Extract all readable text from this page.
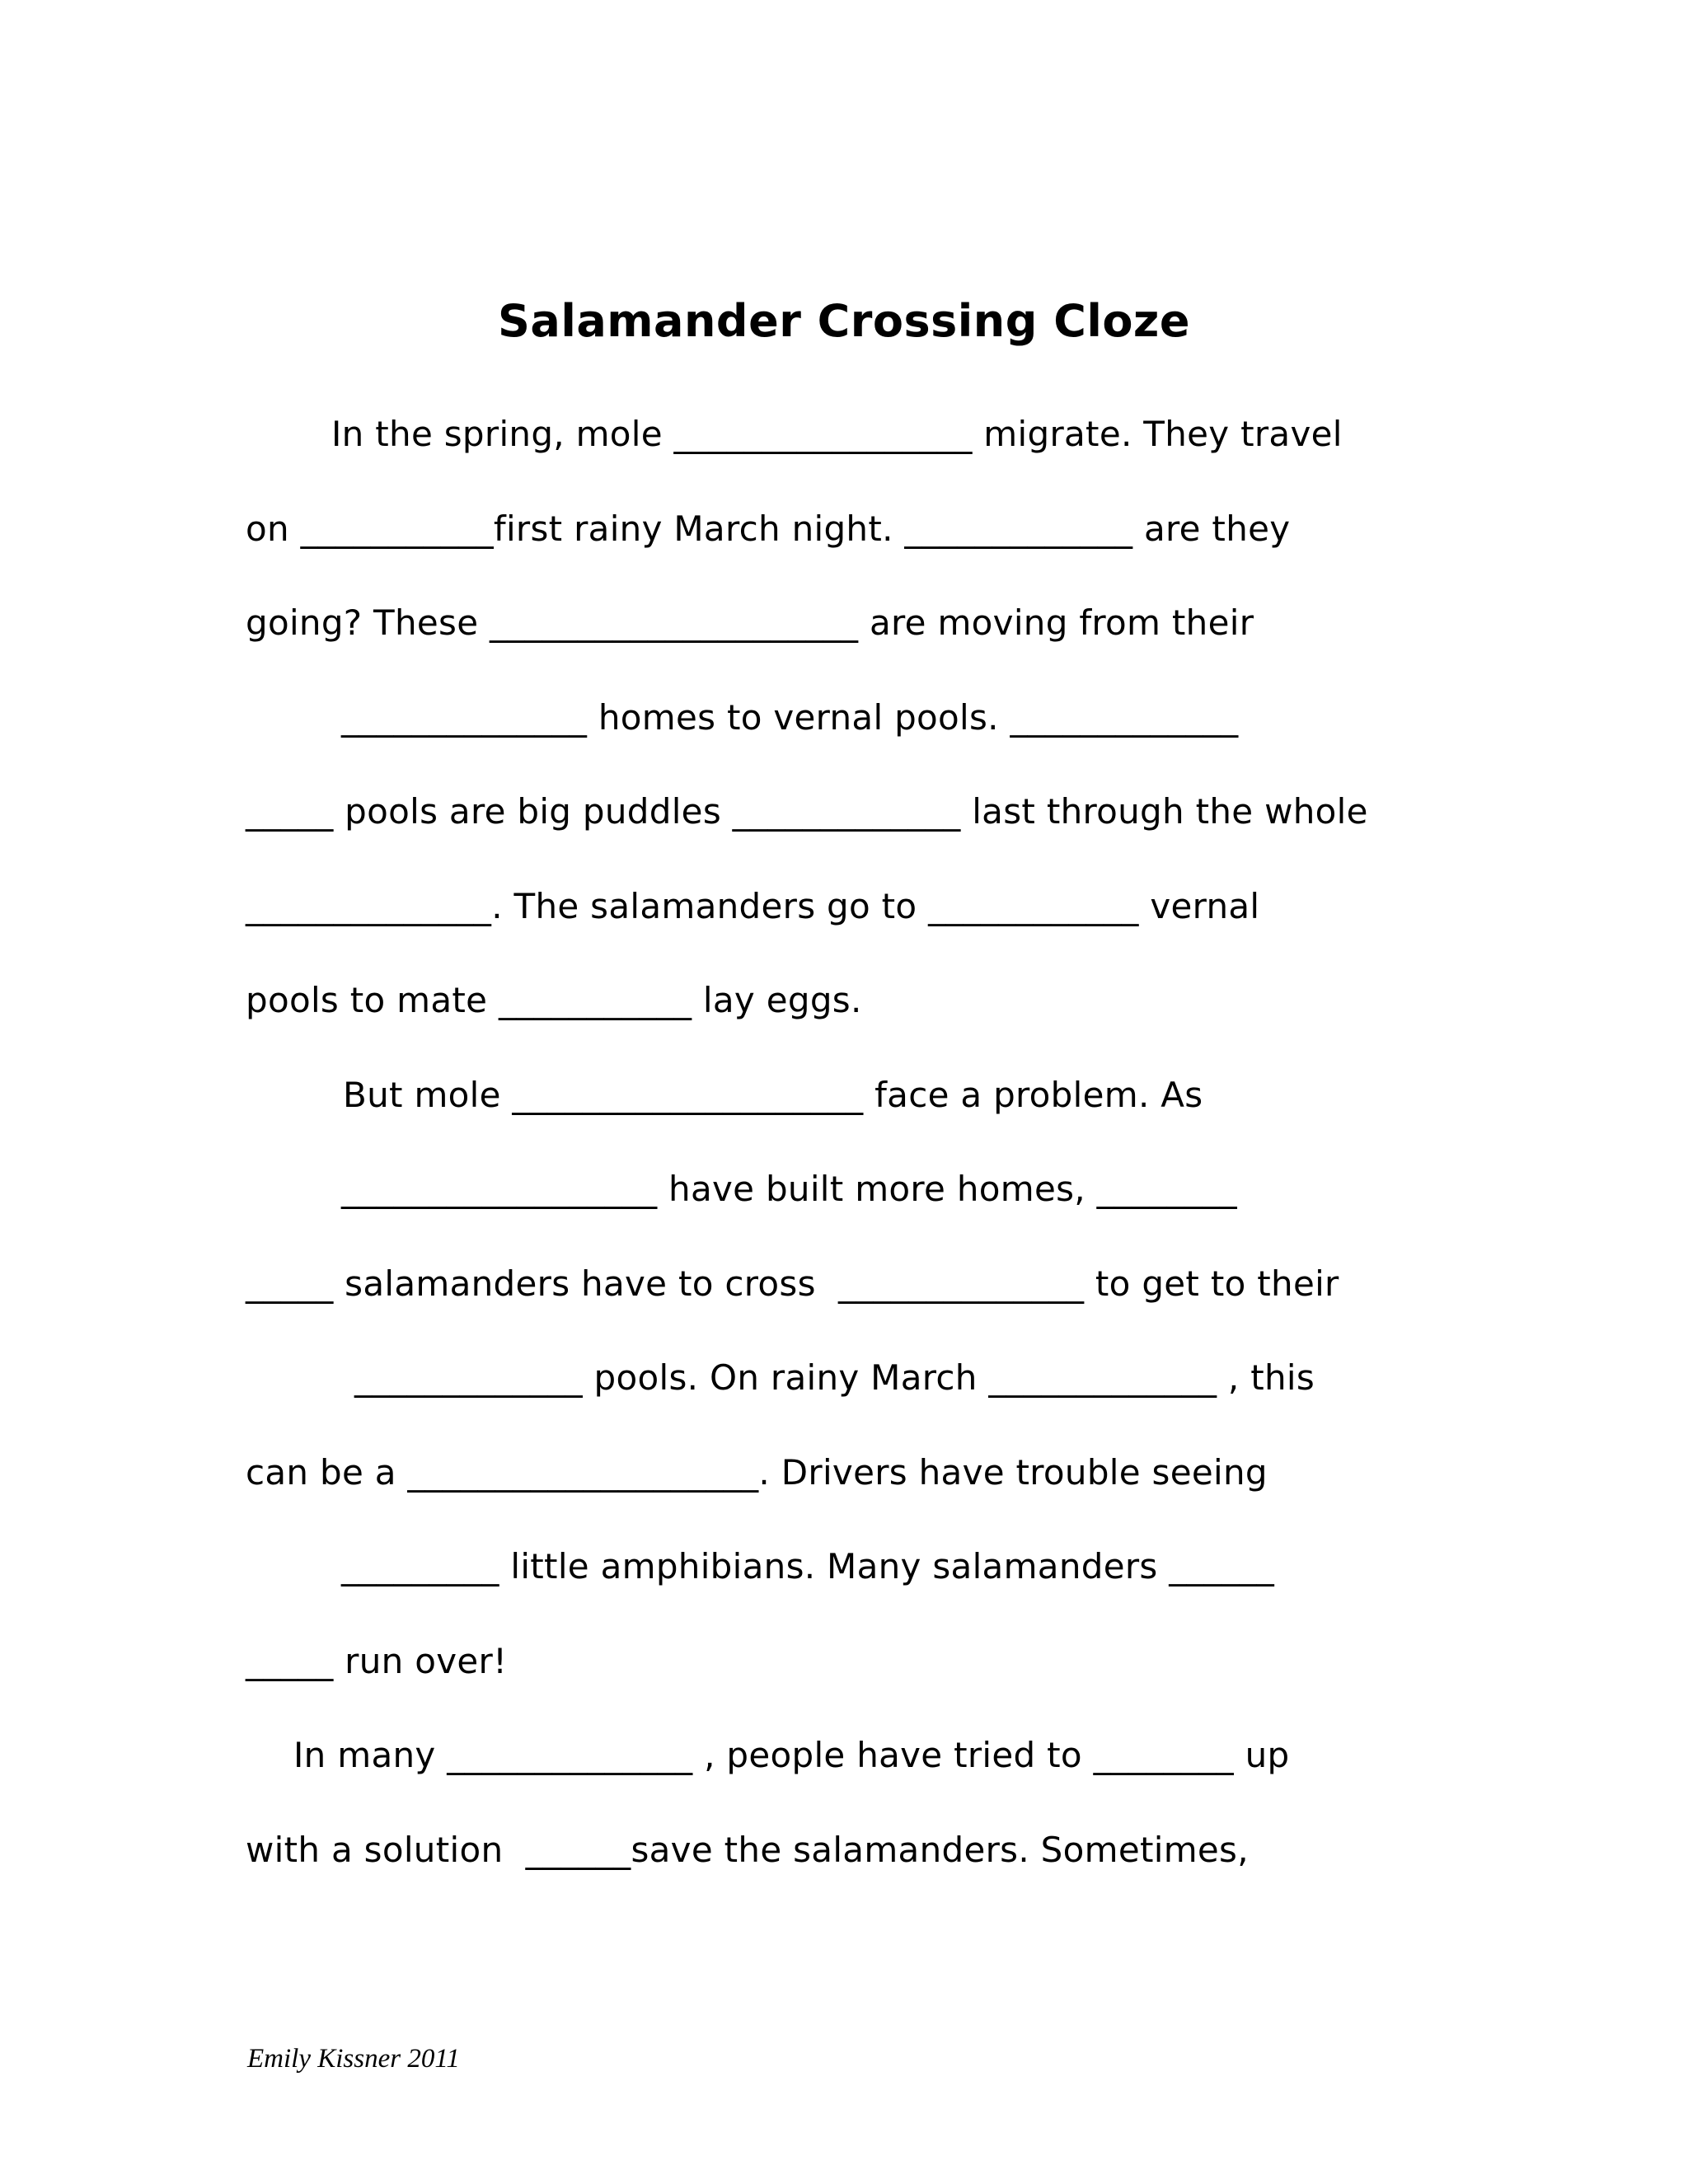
Salamander Crossing Cloze
In the spring, mole _________________ migrate. They travel
on ___________first rainy March night. _____________ are they
going? These _____________________ are moving from their
______________ homes to vernal pools. _____________
_____ pools are big puddles _____________ last through the whole
______________. The salamanders go to ____________ vernal
pools to mate ___________ lay eggs.
But mole ____________________ face a problem. As
__________________ have built more homes, ________
_____ salamanders have to cross  ______________ to get to their
_____________ pools. On rainy March _____________ , this
can be a ____________________. Drivers have trouble seeing
_________ little amphibians. Many salamanders ______
_____ run over!
In many ______________ , people have tried to ________ up
with a solution  ______save the salamanders. Sometimes,
Emily Kissner 2011
